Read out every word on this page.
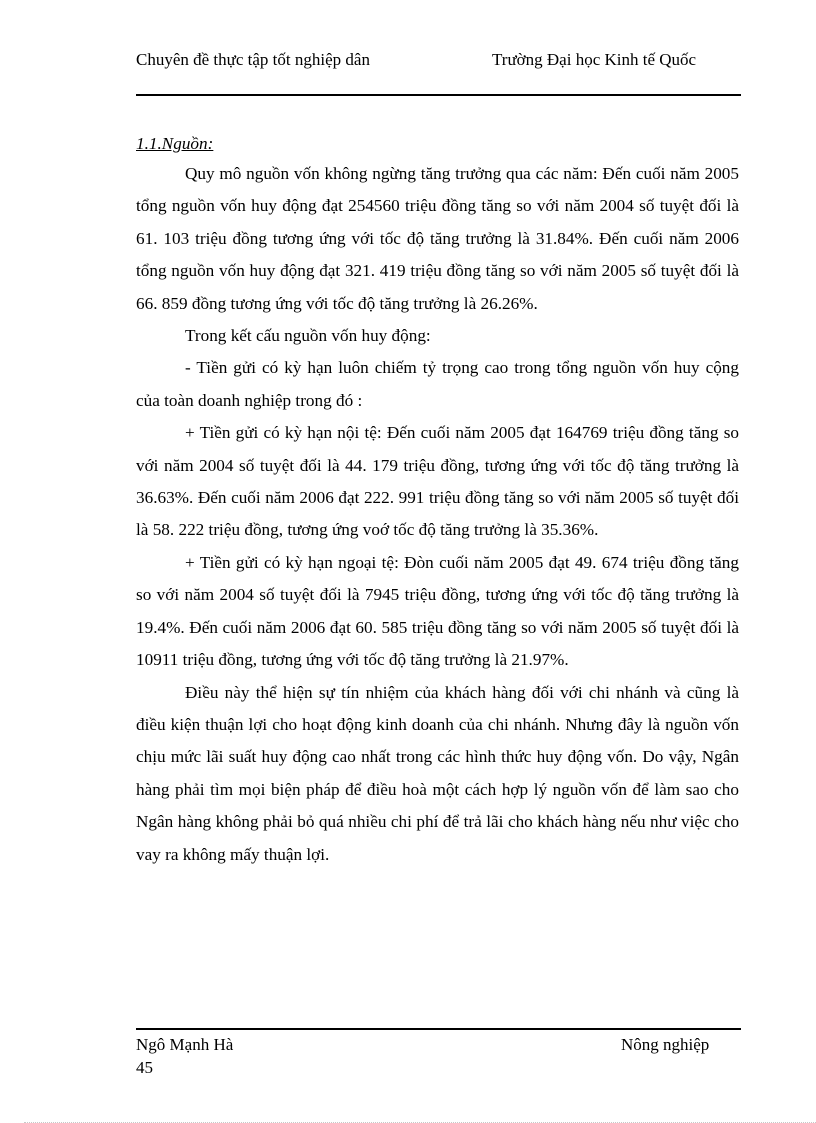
Chuyên đề thực tập tốt nghiệp dân	Trường Đại học Kinh tế Quốc
1.1.Nguồn:

Quy mô nguồn vốn không ngừng tăng trưởng qua các năm: Đến cuối năm 2005 tổng nguồn vốn huy động đạt 254560 triệu đồng tăng so với năm 2004 số tuyệt đối là 61. 103 triệu đồng tương ứng với tốc độ tăng trưởng là 31.84%. Đến cuối năm 2006 tổng nguồn vốn huy động đạt 321. 419 triệu đồng tăng so với năm 2005 số tuyệt đối là 66. 859 đồng tương ứng với tốc độ tăng trưởng là 26.26%.

Trong kết cấu nguồn vốn huy động:

- Tiền gửi có kỳ hạn luôn chiếm tỷ trọng cao trong tổng nguồn vốn huy cộng của toàn doanh nghiệp trong đó :

+ Tiền gửi có kỳ hạn nội tệ: Đến cuối năm 2005 đạt 164769 triệu đồng tăng so với năm 2004 số tuyệt đối là 44. 179 triệu đồng, tương ứng với tốc độ tăng trưởng là 36.63%. Đến cuối năm 2006 đạt 222. 991 triệu đồng tăng so với năm 2005 số tuyệt đối là 58. 222 triệu đồng, tương ứng voớ tốc độ tăng trưởng là 35.36%.

+ Tiền gửi có kỳ hạn ngoại tệ: Đòn cuối năm 2005 đạt 49. 674 triệu đồng tăng so với năm 2004 số tuyệt đối là 7945 triệu đồng, tương ứng với tốc độ tăng trưởng là 19.4%. Đến cuối năm 2006 đạt 60. 585 triệu đồng tăng so với năm 2005 số tuyệt đối là 10911 triệu đồng, tương ứng với tốc độ tăng trưởng là 21.97%.

Điều này thể hiện sự tín nhiệm của khách hàng đối với chi nhánh và cũng là điều kiện thuận lợi cho hoạt động kinh doanh của chi nhánh. Nhưng đây là nguồn vốn chịu mức lãi suất huy động cao nhất trong các hình thức huy động vốn. Do vậy, Ngân hàng phải tìm mọi biện pháp để điều hoà một cách hợp lý nguồn vốn để làm sao cho Ngân hàng không phải bỏ quá nhiều chi phí để trả lãi cho khách hàng nếu như việc cho vay ra không mấy thuận lợi.

Ngô Mạnh Hà	Nông nghiệp
45
